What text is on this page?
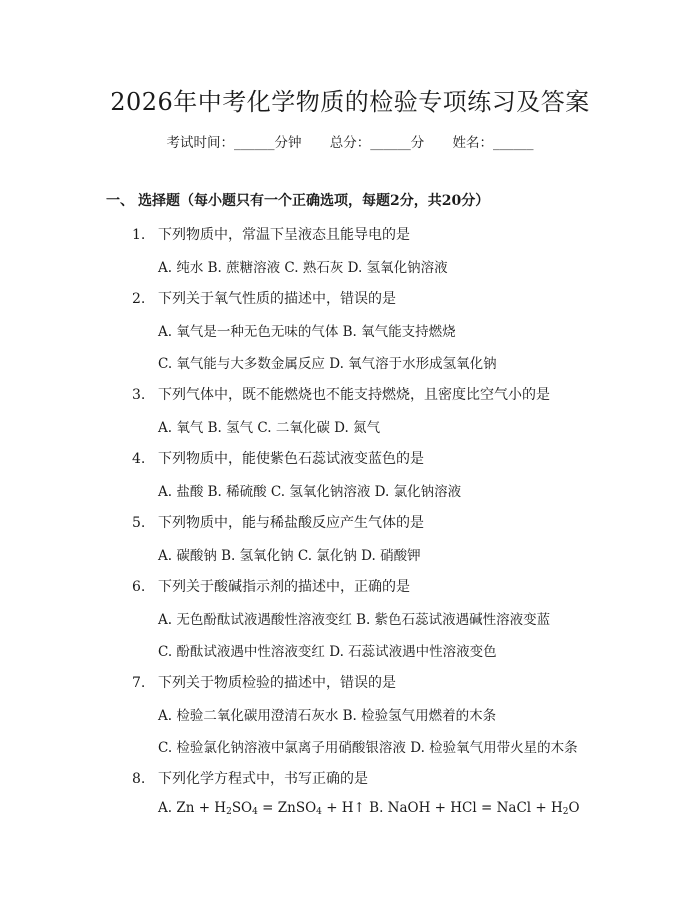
2026年中考化学物质的检验专项练习及答案
考试时间：______分钟 总分：______分 姓名：______
一、 选择题（每小题只有一个正确选项，每题2分，共20分）
1. 下列物质中，常温下呈液态且能导电的是
A. 纯水 B. 蔗糖溶液 C. 熟石灰 D. 氢氧化钠溶液
2. 下列关于氧气性质的描述中，错误的是
A. 氧气是一种无色无味的气体 B. 氧气能支持燃烧
C. 氧气能与大多数金属反应 D. 氧气溶于水形成氢氧化钠
3. 下列气体中，既不能燃烧也不能支持燃烧，且密度比空气小的是
A. 氧气 B. 氢气 C. 二氧化碳 D. 氮气
4. 下列物质中，能使紫色石蕊试液变蓝色的是
A. 盐酸 B. 稀硫酸 C. 氢氧化钠溶液 D. 氯化钠溶液
5. 下列物质中，能与稀盐酸反应产生气体的是
A. 碳酸钠 B. 氢氧化钠 C. 氯化钠 D. 硝酸钾
6. 下列关于酸碱指示剂的描述中，正确的是
A. 无色酚酞试液遇酸性溶液变红 B. 紫色石蕊试液遇碱性溶液变蓝
C. 酚酞试液遇中性溶液变红 D. 石蕊试液遇中性溶液变色
7. 下列关于物质检验的描述中，错误的是
A. 检验二氧化碳用澄清石灰水 B. 检验氢气用燃着的木条
C. 检验氯化钠溶液中氯离子用硝酸银溶液 D. 检验氧气用带火星的木条
8. 下列化学方程式中，书写正确的是
A. $Zn + H_2SO_4$ = ZnSO$_4$ + H↑ B. NaOH + HCl = NaCl + $H_2O$
